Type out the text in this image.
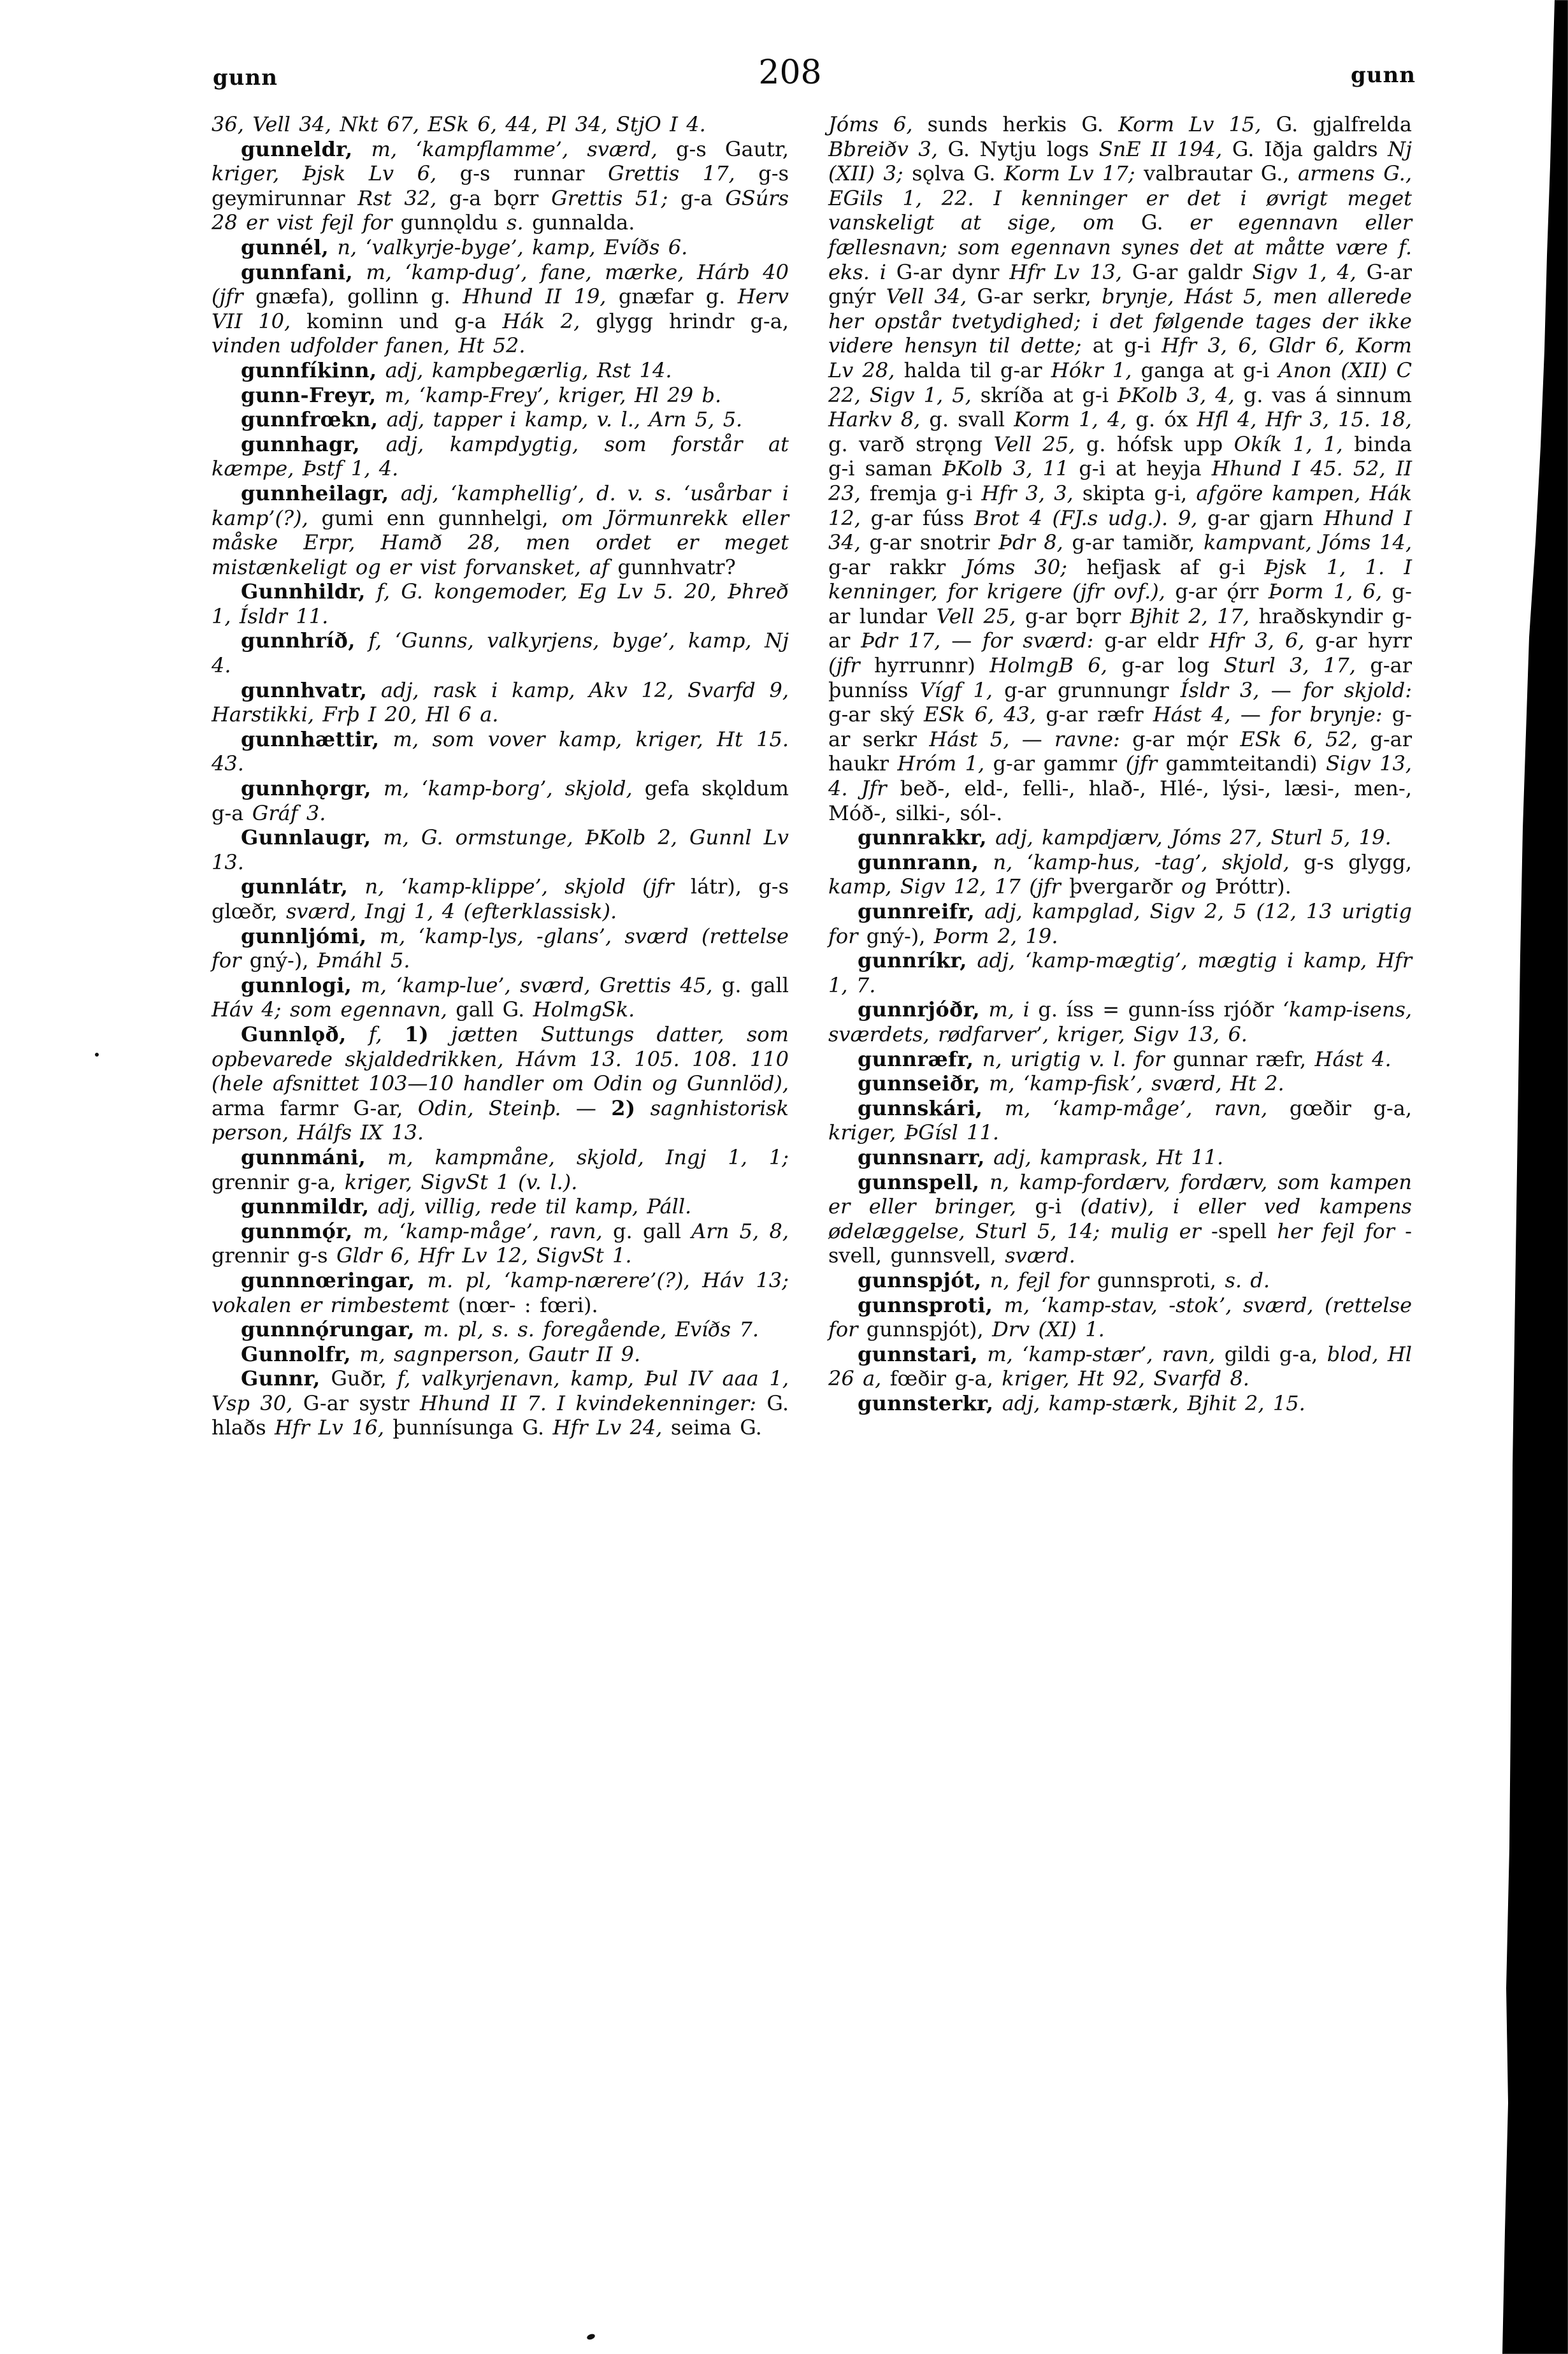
gunn	208	gunn

36, Vell 34, Nkt 67, ESk 6, 44, Pl 34, StjO I 4.

gunneldr, m, ‘kampflamme’, sværd, g-s Gautr, kriger, Þjsk Lv 6, g-s runnar Grettis 17, g-s geymirunnar Rst 32, g-a bǫrr Grettis 51; g-a GSúrs 28 er vist fejl for gunnǫldu s. gunnalda.

gunnél, n, ‘valkyrje-byge’, kamp, Evíðs 6.

gunnfani, m, ‘kamp-dug’, fane, mærke, Hárb 40 (jfr gnæfa), gollinn g. Hhund II 19, gnæfar g. Herv VII 10, kominn und g-a Hák 2, glygg hrindr g-a, vinden udfolder fanen, Ht 52.

gunnfíkinn, adj, kampbegærlig, Rst 14.

gunn-Freyr, m, ‘kamp-Frey’, kriger, Hl 29 b.

gunnfrœkn, adj, tapper i kamp, v. l., Arn 5, 5.

gunnhagr, adj, kampdygtig, som forstår at kæmpe, Þstf 1, 4.

gunnheilagr, adj, ‘kamphellig’, d. v. s. ‘usårbar i kamp’(?), gumi enn gunnhelgi, om Jörmunrekk eller måske Erpr, Hamð 28, men ordet er meget mistænkeligt og er vist forvansket, af gunnhvatr?

Gunnhildr, f, G. kongemoder, Eg Lv 5. 20, Þhreð 1, Ísldr 11.

gunnhríð, f, ‘Gunns, valkyrjens, byge’, kamp, Nj 4.

gunnhvatr, adj, rask i kamp, Akv 12, Svarfd 9, Harstikki, Frþ I 20, Hl 6 a.

gunnhættir, m, som vover kamp, kriger, Ht 15. 43.

gunnhǫrgr, m, ‘kamp-borg’, skjold, gefa skǫldum g-a Gráf 3.

Gunnlaugr, m, G. ormstunge, ÞKolb 2, Gunnl Lv 13.

gunnlátr, n, ‘kamp-klippe’, skjold (jfr látr), g-s glœðr, sværd, Ingj 1, 4 (efterklassisk).

gunnljómi, m, ‘kamp-lys, -glans’, sværd (rettelse for gný-), Þmáhl 5.

gunnlogi, m, ‘kamp-lue’, sværd, Grettis 45, g. gall Háv 4; som egennavn, gall G. HolmgSk.

Gunnlǫð, f, 1) jætten Suttungs datter, som opbevarede skjaldedrikken, Hávm 13. 105. 108. 110 (hele afsnittet 103—10 handler om Odin og Gunnlöd), arma farmr G-ar, Odin, Steinþ. — 2) sagnhistorisk person, Hálfs IX 13.

gunnmáni, m, kampmåne, skjold, Ingj 1, 1; grennir g-a, kriger, SigvSt 1 (v. l.).

gunnmildr, adj, villig, rede til kamp, Páll.

gunnmǫ́r, m, ‘kamp-måge’, ravn, g. gall Arn 5, 8, grennir g-s Gldr 6, Hfr Lv 12, SigvSt 1.

gunnnœringar, m. pl, ‘kamp-nærere’(?), Háv 13; vokalen er rimbestemt (nœr- : fœri).

gunnnǫ́rungar, m. pl, s. s. foregående, Evíðs 7.

Gunnolfr, m, sagnperson, Gautr II 9.

Gunnr, Guðr, f, valkyrjenavn, kamp, Þul IV aaa 1, Vsp 30, G-ar systr Hhund II 7. I kvindekenninger: G. hlaðs Hfr Lv 16, þunnísunga G. Hfr Lv 24, seima G.

Jóms 6, sunds herkis G. Korm Lv 15, G. gjalfrelda Bbreiðv 3, G. Nytju logs SnE II 194, G. Iðja galdrs Nj (XII) 3; sǫlva G. Korm Lv 17; valbrautar G., armens G., EGils 1, 22. I kenninger er det i øvrigt meget vanskeligt at sige, om G. er egennavn eller fællesnavn; som egennavn synes det at måtte være f. eks. i G-ar dynr Hfr Lv 13, G-ar galdr Sigv 1, 4, G-ar gnýr Vell 34, G-ar serkr, brynje, Hást 5, men allerede her opstår tvetydighed; i det følgende tages der ikke videre hensyn til dette; at g-i Hfr 3, 6, Gldr 6, Korm Lv 28, halda til g-ar Hókr 1, ganga at g-i Anon (XII) C 22, Sigv 1, 5, skríða at g-i ÞKolb 3, 4, g. vas á sinnum Harkv 8, g. svall Korm 1, 4, g. óx Hfl 4, Hfr 3, 15. 18, g. varð strǫng Vell 25, g. hófsk upp Okík 1, 1, binda g-i saman ÞKolb 3, 11 g-i at heyja Hhund I 45. 52, II 23, fremja g-i Hfr 3, 3, skipta g-i, afgöre kampen, Hák 12, g-ar fúss Brot 4 (FJ.s udg.). 9, g-ar gjarn Hhund I 34, g-ar snotrir Þdr 8, g-ar tamiðr, kampvant, Jóms 14, g-ar rakkr Jóms 30; hefjask af g-i Þjsk 1, 1. I kenninger, for krigere (jfr ovf.), g-ar ǫ́rr Þorm 1, 6, g-ar lundar Vell 25, g-ar bǫrr Bjhit 2, 17, hraðskyndir g-ar Þdr 17, — for sværd: g-ar eldr Hfr 3, 6, g-ar hyrr (jfr hyrrunnr) HolmgB 6, g-ar log Sturl 3, 17, g-ar þunníss Vígf 1, g-ar grunnungr Ísldr 3, — for skjold: g-ar ský ESk 6, 43, g-ar ræfr Hást 4, — for brynje: g-ar serkr Hást 5, — ravne: g-ar mǫ́r ESk 6, 52, g-ar haukr Hróm 1, g-ar gammr (jfr gammteitandi) Sigv 13, 4. Jfr beð-, eld-, felli-, hlað-, Hlé-, lýsi-, læsi-, men-, Móð-, silki-, sól-.

gunnrakkr, adj, kampdjærv, Jóms 27, Sturl 5, 19.

gunnrann, n, ‘kamp-hus, -tag’, skjold, g-s glygg, kamp, Sigv 12, 17 (jfr þvergarðr og Þróttr).

gunnreifr, adj, kampglad, Sigv 2, 5 (12, 13 urigtig for gný-), Þorm 2, 19.

gunnríkr, adj, ‘kamp-mægtig’, mægtig i kamp, Hfr 1, 7.

gunnrjóðr, m, i g. íss = gunn-íss rjóðr ‘kamp-isens, sværdets, rødfarver’, kriger, Sigv 13, 6.

gunnræfr, n, urigtig v. l. for gunnar ræfr, Hást 4.

gunnseiðr, m, ‘kamp-fisk’, sværd, Ht 2.

gunnskári, m, ‘kamp-måge’, ravn, gœðir g-a, kriger, ÞGísl 11.

gunnsnarr, adj, kamprask, Ht 11.

gunnspell, n, kamp-fordærv, fordærv, som kampen er eller bringer, g-i (dativ), i eller ved kampens ødelæggelse, Sturl 5, 14; mulig er -spell her fejl for -svell, gunnsvell, sværd.

gunnspjót, n, fejl for gunnsproti, s. d.

gunnsproti, m, ‘kamp-stav, -stok’, sværd, (rettelse for gunnspjót), Drv (XI) 1.

gunnstari, m, ‘kamp-stær’, ravn, gildi g-a, blod, Hl 26 a, fœðir g-a, kriger, Ht 92, Svarfd 8.

gunnsterkr, adj, kamp-stærk, Bjhit 2, 15.
